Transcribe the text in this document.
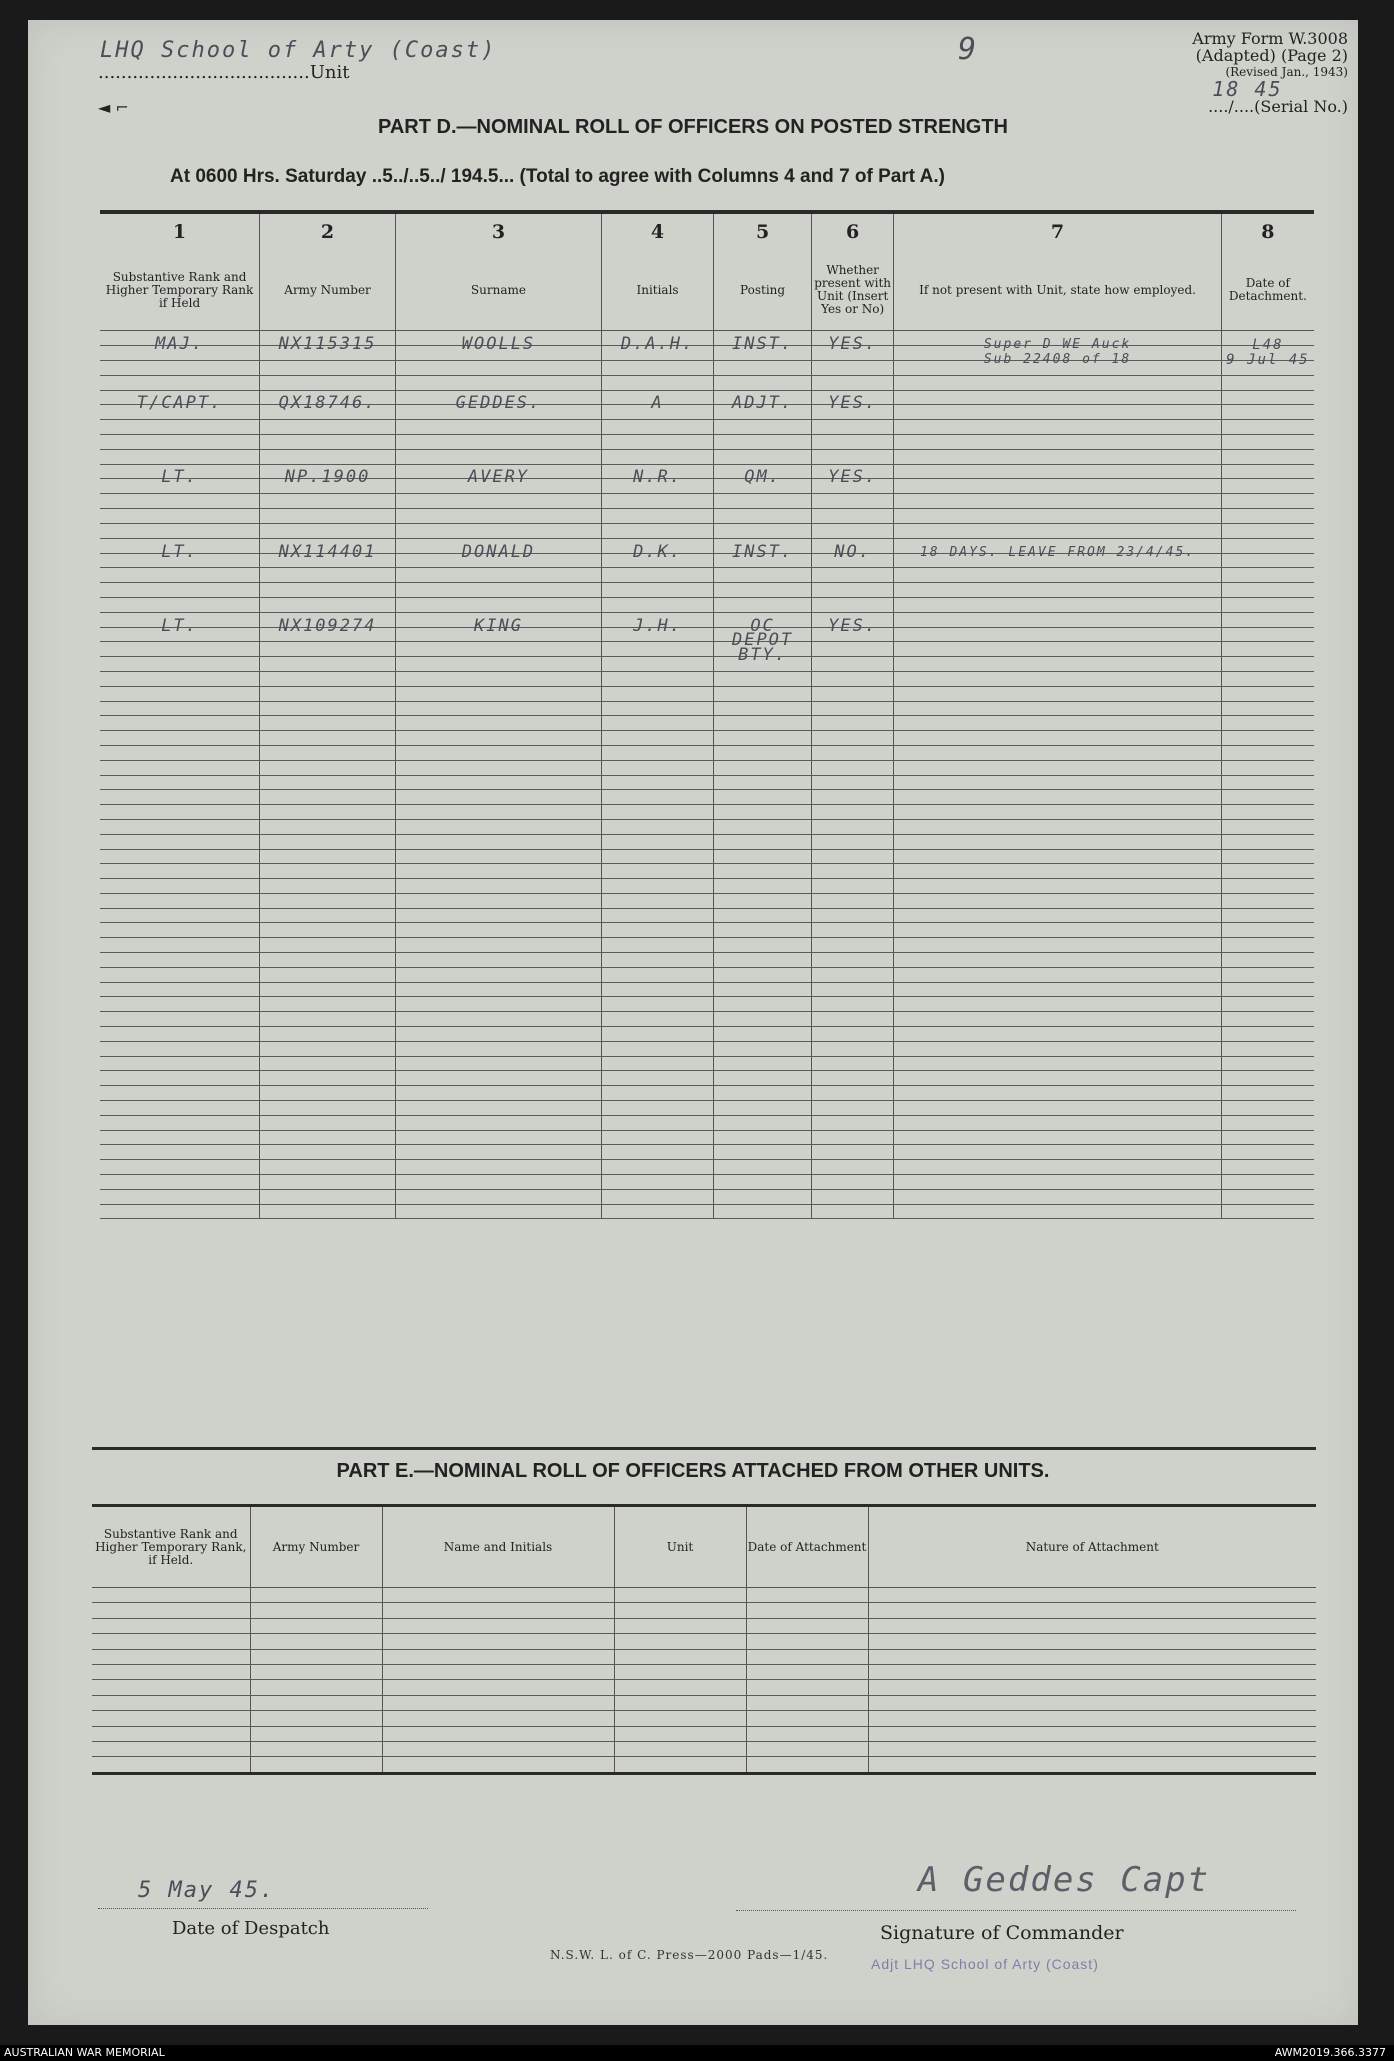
LHQ School of Arty (Coast)
.....................................Unit
9
◄ ⌐
Army Form W.3008
(Adapted) (Page 2)
(Revised Jan., 1943)
18 45
..../....(Serial No.)
PART D.—NOMINAL ROLL OF OFFICERS ON POSTED STRENGTH
At 0600 Hrs. Saturday ..5../..5../ 194.5... (Total to agree with Columns 4 and 7 of Part A.)
1	2	3	4	5	6	7	8
Substantive Rank and Higher Temporary Rank if Held	Army Number	Surname	Initials	Posting	Whether present with Unit (Insert Yes or No)	If not present with Unit, state how employed.	Date of Detachment.
MAJ.	NX115315	WOOLLS	D.A.H.	INST.	YES.	$_{Super D WE Auck}$	$_{L48}$
						$_{Sub 22408 of 18}$	$_{9 Jul 45}$

T/CAPT.	QX18746.	GEDDES.	A	ADJT.	YES.		

LT.	NP.1900	AVERY	N.R.	QM.	YES.		

LT.	NX114401	DONALD	D.K.	INST.	NO.	$_{18 DAYS. LEAVE FROM 23/4/45.}$	

LT.	NX109274	KING	J.H.	OC	YES.		
				DEPOT			
				BTY.			

PART E.—NOMINAL ROLL OF OFFICERS ATTACHED FROM OTHER UNITS.
Substantive Rank and Higher Temporary Rank, if Held.	Army Number	Name and Initials	Unit	Date of Attachment	Nature of Attachment

5 May 45.
Date of Despatch
N.S.W. L. of C. Press—2000 Pads—1/45.
A Geddes Capt
Signature of Commander
Adjt LHQ School of Arty (Coast)
AUSTRALIAN WAR MEMORIAL	AWM2019.366.3377
